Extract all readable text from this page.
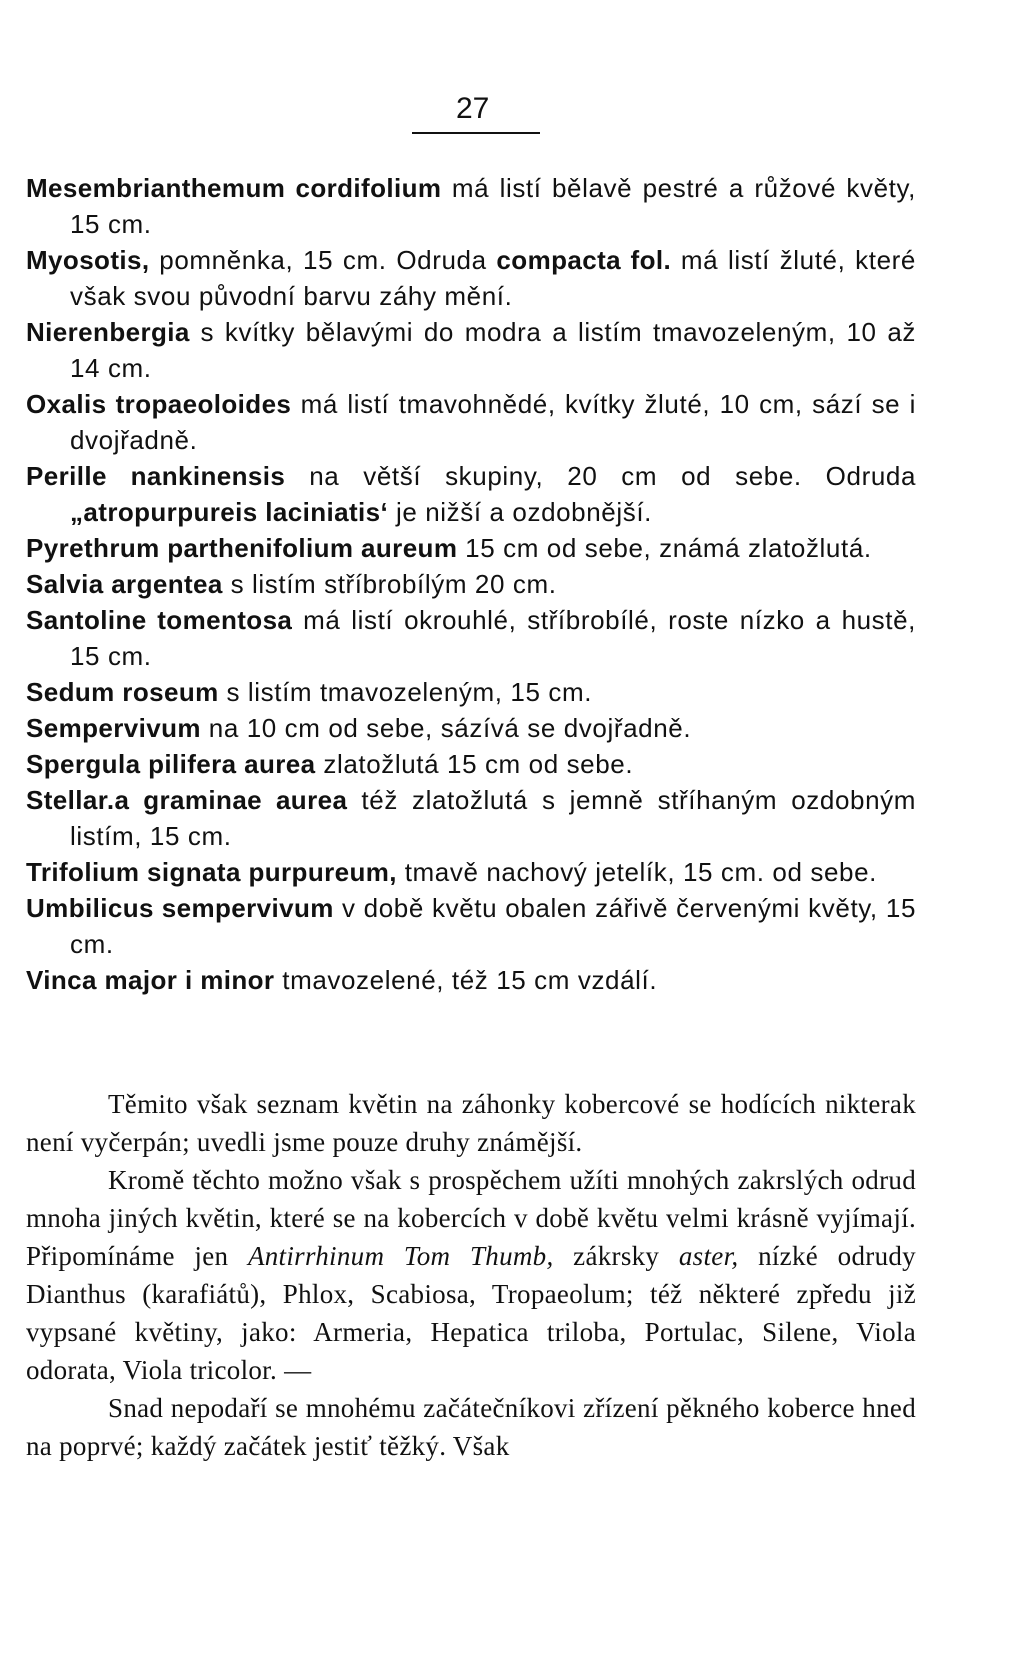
27

Mesembrianthemum cordifolium má listí bělavě pestré a růžové květy, 15 cm.

Myosotis, pomněnka, 15 cm. Odruda compacta fol. má listí žluté, které však svou původní barvu záhy mění.

Nierenbergia s kvítky bělavými do modra a listím tmavozeleným, 10 až 14 cm.

Oxalis tropaeoloides má listí tmavohnědé, kvítky žluté, 10 cm, sází se i dvojřadně.

Perille nankinensis na větší skupiny, 20 cm od sebe. Odruda „atropurpureis laciniatis‘ je nižší a ozdobnější.

Pyrethrum parthenifolium aureum 15 cm od sebe, známá zlatožlutá.

Salvia argentea s listím stříbrobílým 20 cm.

Santoline tomentosa má listí okrouhlé, stříbrobílé, roste nízko a hustě, 15 cm.

Sedum roseum s listím tmavozeleným, 15 cm.

Sempervivum na 10 cm od sebe, sázívá se dvojřadně.

Spergula pilifera aurea zlatožlutá 15 cm od sebe.

Stellar.a graminae aurea též zlatožlutá s jemně stříhaným ozdobným listím, 15 cm.

Trifolium signata purpureum, tmavě nachový jetelík, 15 cm. od sebe.

Umbilicus sempervivum v době květu obalen zářivě červenými květy, 15 cm.

Vinca major i minor tmavozelené, též 15 cm vzdálí.

Těmito však seznam květin na záhonky kobercové se hodících nikterak není vyčerpán; uvedli jsme pouze druhy známější.

Kromě těchto možno však s prospěchem užíti mnohých zakrslých odrud mnoha jiných květin, které se na kobercích v době květu velmi krásně vyjímají. Připomínáme jen Antirrhinum Tom Thumb, zákrsky aster, nízké odrudy Dianthus (karafiátů), Phlox, Scabiosa, Tropaeolum; též některé zpředu již vypsané květiny, jako: Armeria, Hepatica triloba, Portulac, Silene, Viola odorata, Viola tricolor. —

Snad nepodaří se mnohému začátečníkovi zřízení pěkného koberce hned na poprvé; každý začátek jestiť těžký. Však
